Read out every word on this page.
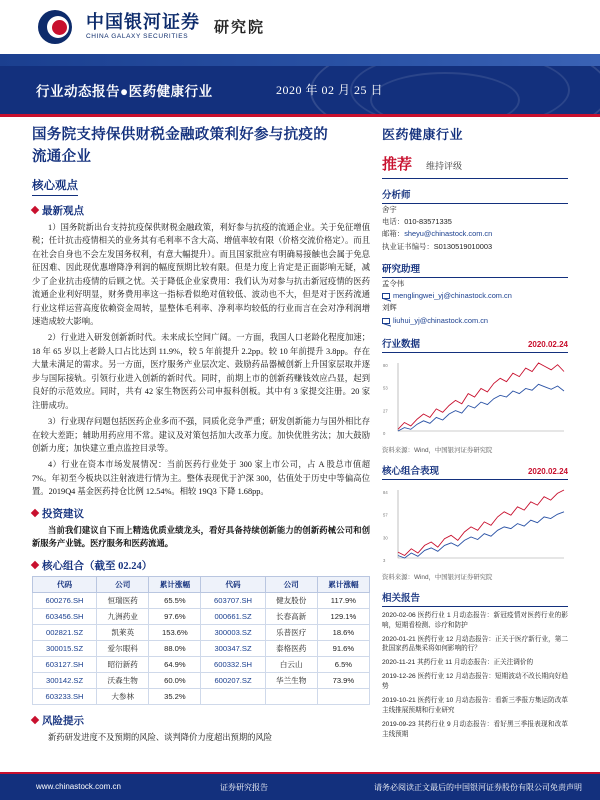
中国银河证券
CHINA GALAXY SECURITIES
研究院
行业动态报告●医药健康行业	2020 年 02 月 25 日
国务院支持保供财税金融政策利好参与抗疫的
流通企业
核心观点
最新观点

1）国务院新出台支持抗疫保供财税金融政策，利好参与抗疫的流通企业。关于免征增值税；任计抗击疫情相关的业务其有毛利率不含大高、增值率较有限（价格交流价格定）。而且在社会自身也不会左发国务权利，有意大幅提升）。而且国家批应有明确易接触也会属于免息征因难、因此现优惠增降净利润的幅度预期比较有限。但是力度上肯定是正面影响无疑，减少了企业抗击疫情的后顾之忧。关于降低企业家费用：我们认为对参与抗击新冠疫情的医药流通企业利好明显，财务费用率这一指标看似绝对值较低、波动也不大，但是对于医药流通行业这样运营高度依赖资金周转，显整体毛利率、净利率均较低的行业而言在会对净利润增速造成较大影响。

2）行业进入研发创新新时代。未来成长空间广阔。一方面，我国人口老龄化程度加速；18 年 65 岁以上老龄人口占比达到 11.9%，较 5 年前提升 2.2pp。较 10 年前提升 3.8pp。存在大量未满足的需求。另一方面，医疗服务产业层次定、鼓励药品器械创新上升国家层取并逐步与国际接轨。引领行业进入创新的新时代。同时，前期上市的创新药赚钱效应凸显，起到良好的示范效应。同时，共有 42 家生物医药公司申报科创板。其中有 3 家提交注册。20 家注册成功。

3）行业现存问题包括医药企业多而不强，同质化竞争严重；研发创新能力与国外相比存在较大差距；辅助用药应用不常。建议及对策包括加大改革力度。加快优胜劣汰；加大鼓励创新力度；加快建立重点监控目录等。

4）行业在资本市场发展情况：当前医药行业处于 300 家上市公司，占 A 股总市值超 7%。年初至今板块以注射液进行情为主。整体表现优于沪深 300，估值处于历史中等偏高位置。2019Q4 基金医药持仓比例 12.54%。相较 19Q3 下降 1.68pp。

投资建议

当前我们建议自下而上精选优质业绩龙头，看好具备持续创新能力的创新药械公司和创新服务产业链。医疗服务和医药流通。

核心组合（截至 02.24）
代码	公司	累计涨幅	代码	公司	累计涨幅
600276.SH	恒瑞医药	65.5%	603707.SH	健友股份	117.9%
603456.SH	九洲药业	97.6%	000661.SZ	长春高新	129.1%
002821.SZ	凯莱英	153.6%	300003.SZ	乐普医疗	18.6%
300015.SZ	爱尔眼科	88.0%	300347.SZ	泰格医药	91.6%
603127.SH	昭衍新药	64.9%	600332.SH	白云山	6.5%
300142.SZ	沃森生物	60.0%	600207.SZ	华兰生物	73.9%
603233.SH	大参林	35.2%			
风险提示

新药研发进度不及预期的风险、谈判降价力度超出预期的风险

医药健康行业
推荐 维持评级
分析师
舍宇
电话：010-83571335
邮箱：sheyu@chinastock.com.cn
执业证书编号：S0130519010003
研究助理
孟令伟
menglingwei_yj@chinastock.com.cn
刘辉
liuhui_yj@chinastock.com.cn
行业数据	2020.02.24
80
53
27
0
资料来源：Wind，中国银河证券研究院
核心组合表现	2020.02.24
84
57
30
3
资料来源：Wind，中国银河证券研究院
相关报告
2020-02-06 医药行业 1 月动态报告：新冠疫情对医药行业的影响，短期看检测、诊疗和防护
2020-01-21 医药行业 12 月动态报告：正关于医疗新行业，第二批国家药品集采将如何影响的行？
2020-11-21 其药行业 11 月动态报告：正关注调价的
2019-12-26 医药行业 12 月动态报告：短期波动不改长期向好趋势
2019-10-21 医药行业 10 月动态报告：看新三季报方集运防改革主线推展预期和行业研究
2019-09-23 其药行业 9 月动态报告：看好黑三季报表现和改革主线预期
www.chinastock.com.cn	证券研究报告	请务必阅读正文最后的中国银河证券股份有限公司免责声明
